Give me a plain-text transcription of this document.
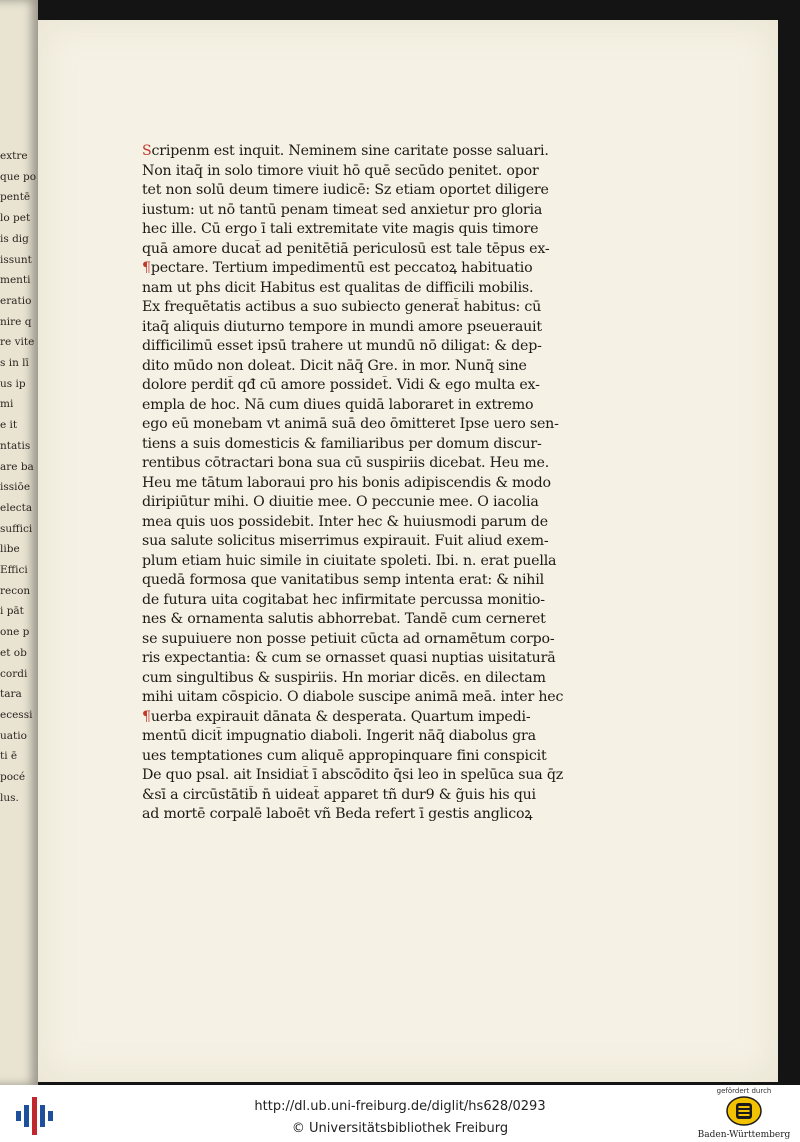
extre
que po
pentē
lo pet
is dig
issunt
menti
eratio
nire q
re vite
s in lī
us ip
mi
e it
ntatis
are ba
issiōe
electa
suffici
libe
Effici
recon
i pāt
one p
et ob
cordi
tara
ecessi
uatio
ti ē
pocé
lus.
Scripenm est inquit. Neminem sine caritate posse saluari.
Non itaq̄ in solo timore viuit hō quē secūdo penitet. opor
tet non solū deum timere iudicē: Sz etiam oportet diligere
iustum: ut nō tantū penam timeat sed anxietur pro gloria
hec ille. Cū ergo ī tali extremitate vite magis quis timore
quā amore ducat̄ ad penitētiā periculosū est tale tēpus ex-
¶pectare. Tertium impedimentū est peccatoꝝ habituatio
nam ut phs dicit Habitus est qualitas de difficili mobilis.
Ex frequētatis actibus a suo subiecto generat̄ habitus: cū
itaq̄ aliquis diuturno tempore in mundi amore pseuerauit
difficilimū esset ipsū trahere ut mundū nō diligat: & dep-
dito mūdo non doleat. Dicit nāq̄ Gre. in mor. Nunq̄ sine
dolore perdit̄ qđ cū amore possidet̄. Vidi & ego multa ex-
empla de hoc. Nā cum diues quidā laboraret in extremo
ego eū monebam vt animā suā deo ōmitteret Ipse uero sen-
tiens a suis domesticis & familiaribus per domum discur-
rentibus cōtractari bona sua cū suspiriis dicebat. Heu me.
Heu me tātum laboraui pro his bonis adipiscendis & modo
diripiūtur mihi. O diuitie mee. O peccunie mee. O iacolia
mea quis uos possidebit. Inter hec & huiusmodi parum de
sua salute solicitus miserrimus expirauit. Fuit aliud exem-
plum etiam huic simile in ciuitate spoleti. Ibi. n. erat puella
quedā formosa que vanitatibus semp intenta erat: & nihil
de futura uita cogitabat hec infirmitate percussa monitio-
nes & ornamenta salutis abhorrebat. Tandē cum cerneret
se supuiuere non posse petiuit cūcta ad ornamētum corpo-
ris expectantia: & cum se ornasset quasi nuptias uisitaturā
cum singultibus & suspiriis. Hn moriar dicēs. en dilectam
mihi uitam cōspicio. O diabole suscipe animā meā. inter hec
¶uerba expirauit dānata & desperata. Quartum impedi-
mentū dicit̄ impugnatio diaboli. Ingerit nāq̄ diabolus gra
ues temptationes cum aliquē appropinquare fini conspicit
De quo psal. ait Insidiat̄ ī abscōdito q̄si leo in spelūca sua q̄z
&sī a circūstātib̄ n̄ uideat̄ apparet tñ dur9 & g̃uis his qui
ad mortē corpalē laboēt vñ Beda refert ī gestis anglicoꝝ
http://dl.ub.uni-freiburg.de/diglit/hs628/0293
© Universitätsbibliothek Freiburg
gefördert durch
Baden-Württemberg
